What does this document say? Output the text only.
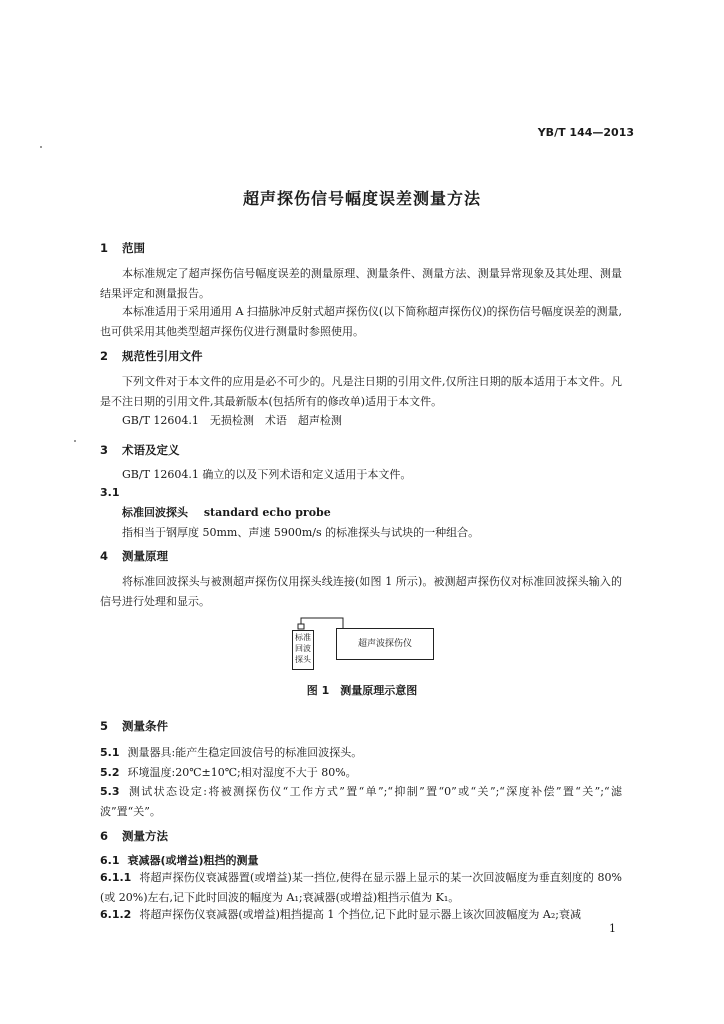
YB/T 144—2013
超声探伤信号幅度误差测量方法
1 范围
本标准规定了超声探伤信号幅度误差的测量原理、测量条件、测量方法、测量异常现象及其处理、测量结果评定和测量报告。
本标准适用于采用通用 A 扫描脉冲反射式超声探伤仪(以下简称超声探伤仪)的探伤信号幅度误差的测量,也可供采用其他类型超声探伤仪进行测量时参照使用。
2 规范性引用文件
下列文件对于本文件的应用是必不可少的。凡是注日期的引用文件,仅所注日期的版本适用于本文件。凡是不注日期的引用文件,其最新版本(包括所有的修改单)适用于本文件。
GB/T 12604.1　无损检测　术语　超声检测
3 术语及定义
GB/T 12604.1 确立的以及下列术语和定义适用于本文件。
3.1
标准回波探头 standard echo probe
指相当于钢厚度 50mm、声速 5900m/s 的标准探头与试块的一种组合。
4 测量原理
将标准回波探头与被测超声探伤仪用探头线连接(如图 1 所示)。被测超声探伤仪对标准回波探头输入的信号进行处理和显示。
标准回波探头
超声波探伤仪
图 1　测量原理示意图
5 测量条件
5.1 测量器具:能产生稳定回波信号的标准回波探头。
5.2 环境温度:20℃±10℃;相对湿度不大于 80%。
5.3 测试状态设定:将被测探伤仪“工作方式”置“单”;“抑制”置“0”或“关”;“深度补偿”置“关”;“滤波”置“关”。
6 测量方法
6.1 衰减器(或增益)粗挡的测量
6.1.1 将超声探伤仪衰减器置(或增益)某一挡位,使得在显示器上显示的某一次回波幅度为垂直刻度的 80%(或 20%)左右,记下此时回波的幅度为 A₁;衰减器(或增益)粗挡示值为 K₁。
6.1.2 将超声探伤仪衰减器(或增益)粗挡提高 1 个挡位,记下此时显示器上该次回波幅度为 A₂;衰减
1
